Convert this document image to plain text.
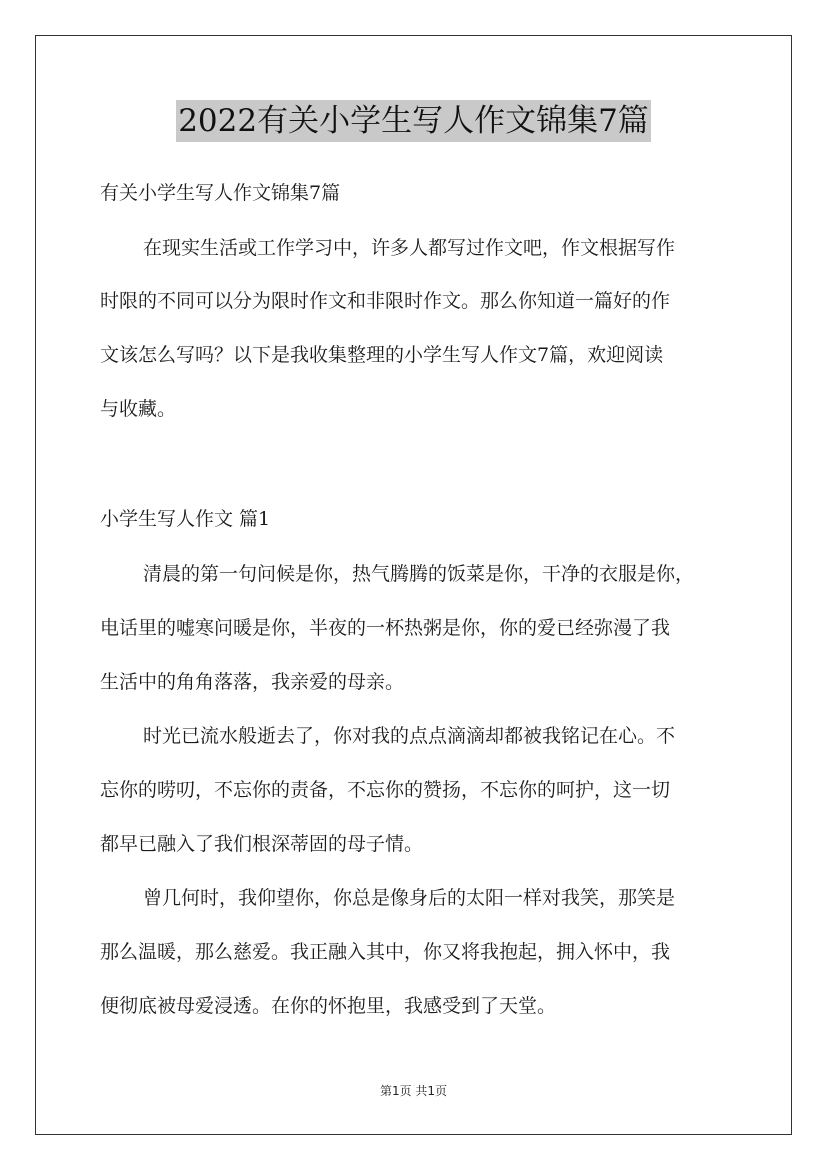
2022有关小学生写人作文锦集7篇
有关小学生写人作文锦集7篇
在现实生活或工作学习中，许多人都写过作文吧，作文根据写作
时限的不同可以分为限时作文和非限时作文。那么你知道一篇好的作
文该怎么写吗？以下是我收集整理的小学生写人作文7篇，欢迎阅读
与收藏。
小学生写人作文 篇1
清晨的第一句问候是你，热气腾腾的饭菜是你，干净的衣服是你，
电话里的嘘寒问暖是你，半夜的一杯热粥是你，你的爱已经弥漫了我
生活中的角角落落，我亲爱的母亲。
时光已流水般逝去了，你对我的点点滴滴却都被我铭记在心。不
忘你的唠叨，不忘你的责备，不忘你的赞扬，不忘你的呵护，这一切
都早已融入了我们根深蒂固的母子情。
曾几何时，我仰望你，你总是像身后的太阳一样对我笑，那笑是
那么温暖，那么慈爱。我正融入其中，你又将我抱起，拥入怀中，我
便彻底被母爱浸透。在你的怀抱里，我感受到了天堂。
第1页 共1页
